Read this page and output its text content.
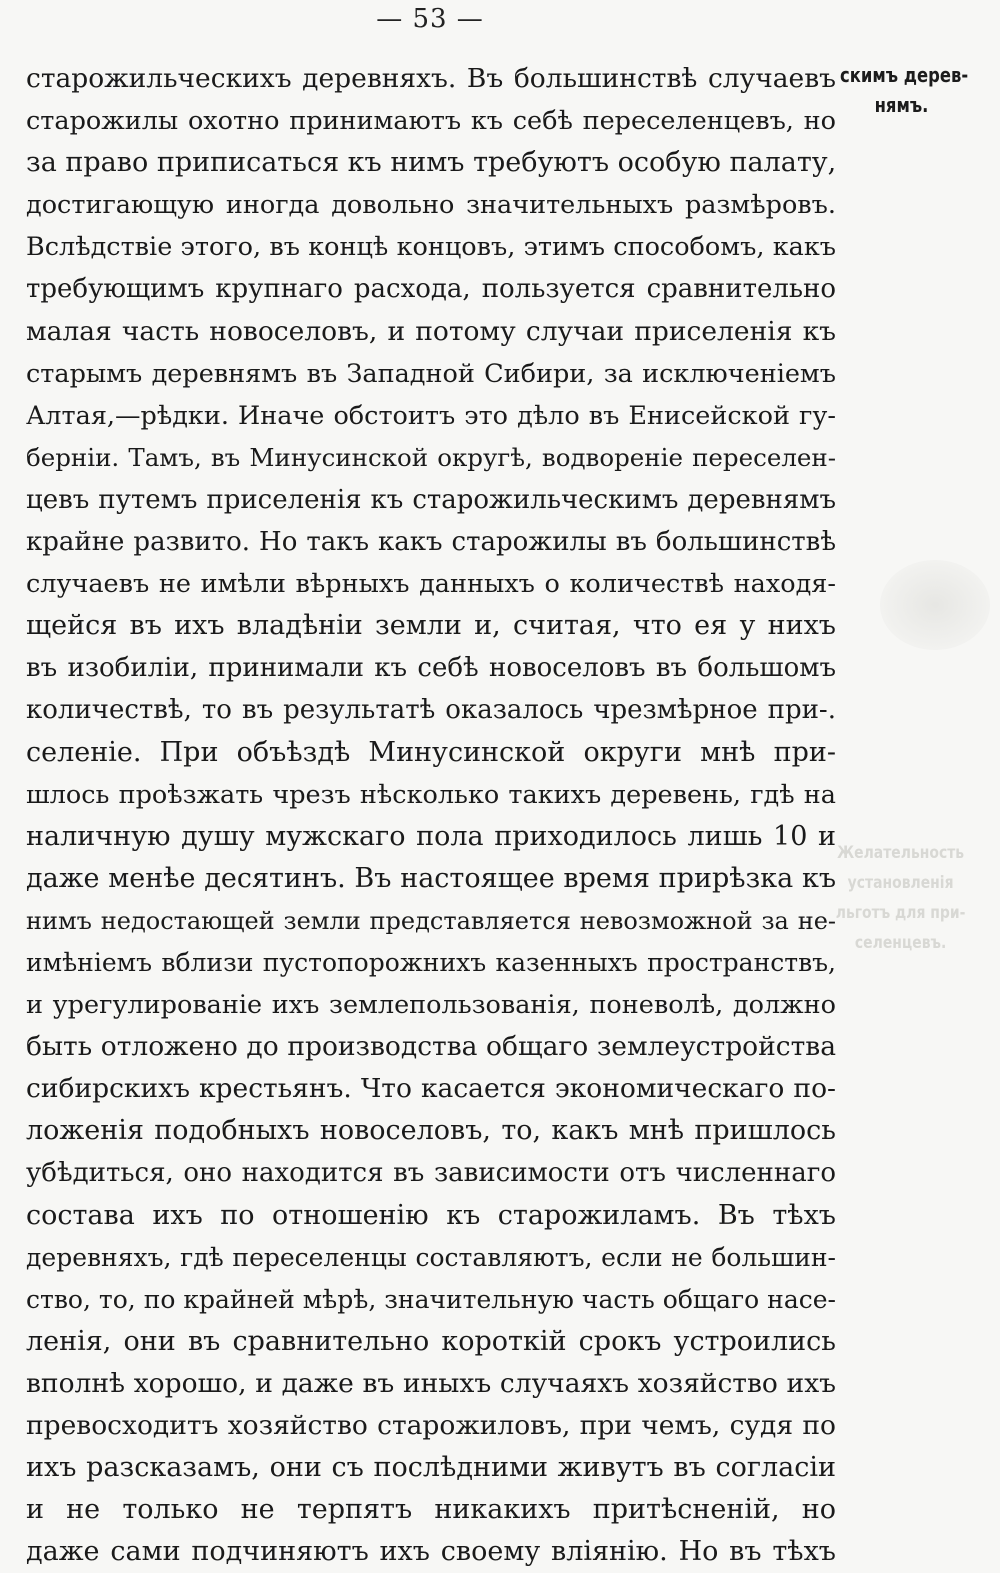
— 53 —
старожильческихъ деревняхъ. Въ большинствѣ случаевъ
старожилы охотно принимаютъ къ себѣ переселенцевъ, но
за право приписаться къ нимъ требуютъ особую палату,
достигающую иногда довольно значительныхъ размѣровъ.
Вслѣдствіе этого, въ концѣ концовъ, этимъ способомъ, какъ
требующимъ крупнаго расхода, пользуется сравнительно
малая часть новоселовъ, и потому случаи приселенія къ
старымъ деревнямъ въ Западной Сибири, за исключеніемъ
Алтая,—рѣдки. Иначе обстоитъ это дѣло въ Енисейской гу-
берніи. Тамъ, въ Минусинской округѣ, водвореніе переселен-
цевъ путемъ приселенія къ старожильческимъ деревнямъ
крайне развито. Но такъ какъ старожилы въ большинствѣ
случаевъ не имѣли вѣрныхъ данныхъ о количествѣ находя-
щейся въ ихъ владѣніи земли и, считая, что ея у нихъ
въ изобиліи, принимали къ себѣ новоселовъ въ большомъ
количествѣ, то въ результатѣ оказалось чрезмѣрное при-.
селеніе. При объѣздѣ Минусинской округи мнѣ при-
шлось проѣзжать чрезъ нѣсколько такихъ деревень, гдѣ на
наличную душу мужскаго пола приходилось лишь 10 и
даже менѣе десятинъ. Въ настоящее время прирѣзка къ
нимъ недостающей земли представляется невозможной за не-
имѣніемъ вблизи пустопорожнихъ казенныхъ пространствъ,
и урегулированіе ихъ землепользованія, поневолѣ, должно
быть отложено до производства общаго землеустройства
сибирскихъ крестьянъ. Что касается экономическаго по-
ложенія подобныхъ новоселовъ, то, какъ мнѣ пришлось
убѣдиться, оно находится въ зависимости отъ численнаго
состава ихъ по отношенію къ старожиламъ. Въ тѣхъ
деревняхъ, гдѣ переселенцы составляютъ, если не большин-
ство, то, по крайней мѣрѣ, значительную часть общаго насе-
ленія, они въ сравнительно короткій срокъ устроились
вполнѣ хорошо, и даже въ иныхъ случаяхъ хозяйство ихъ
превосходитъ хозяйство старожиловъ, при чемъ, судя по
ихъ разсказамъ, они съ послѣдними живутъ въ согласіи
и не только не терпятъ никакихъ притѣсненій, но
даже сами подчиняютъ ихъ своему вліянію. Но въ тѣхъ
скимъ дерев-
нямъ.
Желательность
установленія
льготъ для при-
селенцевъ.
